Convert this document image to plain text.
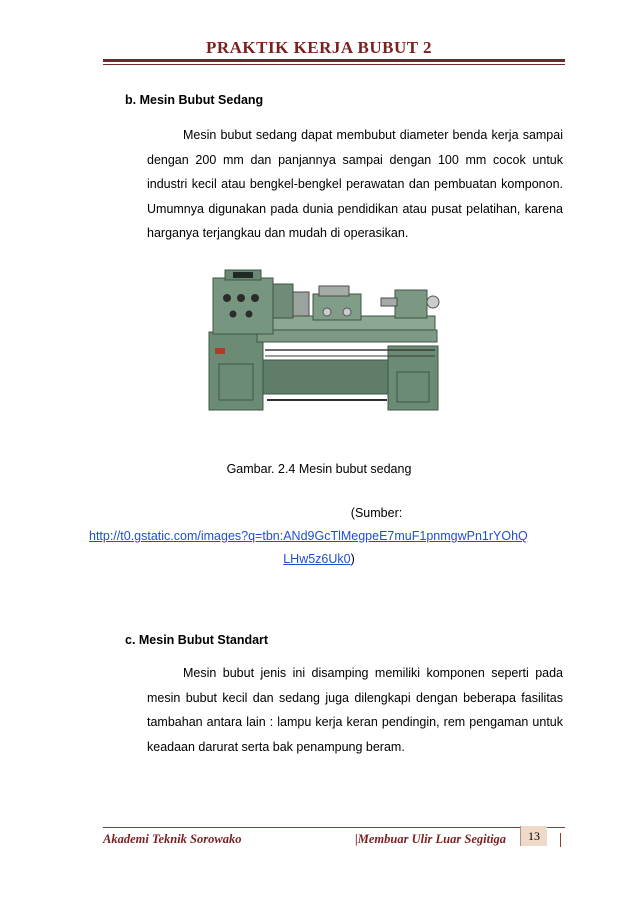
PRAKTIK KERJA BUBUT 2
b. Mesin Bubut Sedang

Mesin bubut sedang dapat membubut diameter benda kerja sampai dengan 200 mm dan panjannya sampai dengan 100 mm cocok untuk industri kecil atau bengkel-bengkel perawatan dan pembuatan komponon. Umumnya digunakan pada dunia pendidikan atau pusat pelatihan, karena harganya terjangkau dan mudah di operasikan.

Gambar. 2.4 Mesin bubut sedang
(Sumber:
http://t0.gstatic.com/images?q=tbn:ANd9GcTlMegpeE7muF1pnmgwPn1rYOhQ
LHw5z6Uk0)
c. Mesin Bubut Standart

Mesin bubut jenis ini disamping memiliki komponen seperti pada mesin bubut kecil dan sedang juga dilengkapi dengan beberapa fasilitas tambahan antara lain : lampu kerja keran pendingin, rem pengaman untuk keadaan darurat serta bak penampung beram.

Akademi Teknik Sorowako	|Membuar Ulir Luar Segitiga	13
